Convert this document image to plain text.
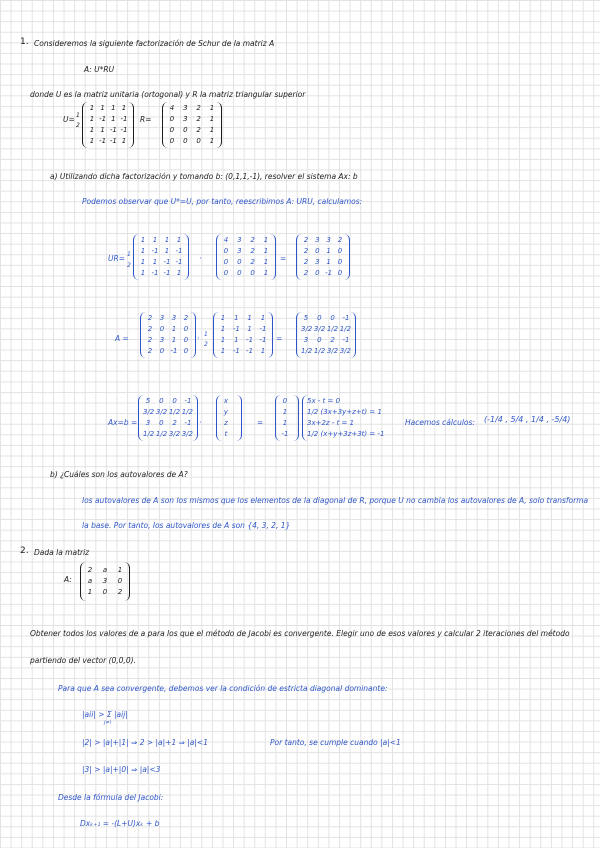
1. Consideremos la siguiente factorización de Schur de la matriz A
A: U*RU
donde U es la matriz unitaria (ortogonal) y R la matriz triangular superior
U= 1
2
1 1 1 1
1 -1 1 -1
1 1 -1 -1
1 -1 -1 1
R=
4	3	2	1
0	3	2	1
0	0	2	1
0	0	0	1
a) Utilizando dicha factorización y tomando b: (0,1,1,-1), resolver el sistema Ax: b
Podemos observar que U*=U, por tanto, reescribimos A: URU, calculamos:
UR= 1
2
1	1	1	1
1 -1 1 -1
1	1 -1 -1
1 -1 -1 1
·
4	3	2	1
0	3	2	1
0	0	2	1
0	0	0	1
=
2 3 3 2
2 0 1 0
2 3 1 0
2 0 -1 0
A =
2	3	3	2
2	0	1	0
2	3	1	0
2	0 -1 0
· 1
2
1	1	1	1
1	-1	1	-1
1	1	-1 -1
1	-1 -1	1
=
5	0	0	-1
3/2 3/2 1/2 1/2
3	0	2	-1
1/2 1/2 3/2 3/2
Ax=b =
5	0	0	-1
3/2 3/2 1/2 1/2
3	0	2	-1
1/2 1/2 3/2 3/2
·
x
y
z
t
=
0
1
1
-1
5x - t = 0
1/2 (3x+3y+z+t) = 1
3x+2z - t = 1
1/2 (x+y+3z+3t) = -1
Hacemos cálculos: (-1/4 , 5/4 , 1/4 , -5/4)
b) ¿Cuáles son los autovalores de A?
los autovalores de A son los mismos que los elementos de la diagonal de R, porque U no cambia los autovalores de A, solo transforma
la base. Por tanto, los autovalores de A son {4, 3, 2, 1}
2. Dada la matriz
A:
2	a	1
a	3	0
1	0	2
Obtener todos los valores de a para los que el método de Jacobi es convergente. Elegir uno de esos valores y calcular 2 iteraciones del método
partiendo del vector (0,0,0).
Para que A sea convergente, debemos ver la condición de estricta diagonal dominante:
|aii| > Σ |aij|
j≠i
|2| > |a|+|1| ⇒ 2 > |a|+1 ⇒ |a|<1	Por tanto, se cumple cuando |a|<1
|3| > |a|+|0| ⇒ |a|<3
Desde la fórmula del Jacobi:
Dxₖ₊₁ = -(L+U)xₖ + b
